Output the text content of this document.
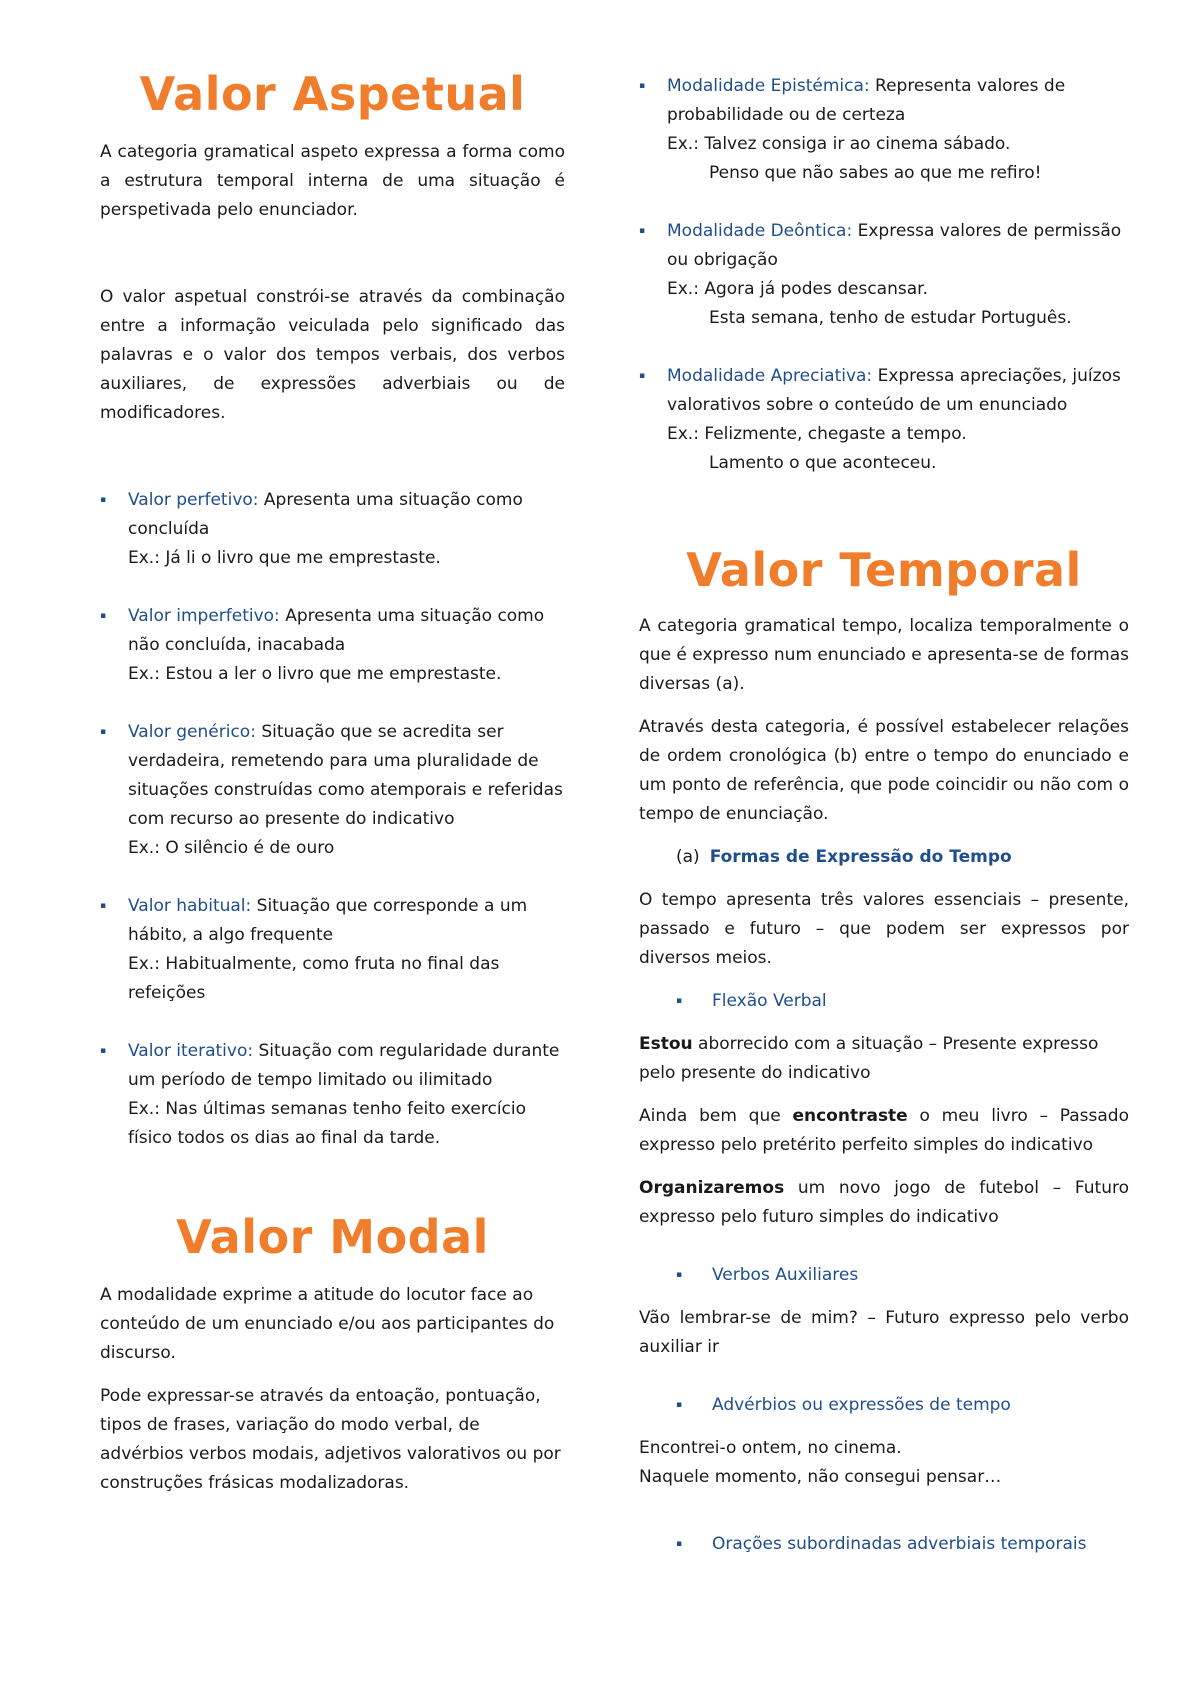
Valor Aspetual

A categoria gramatical aspeto expressa a forma como a estrutura temporal interna de uma situação é perspetivada pelo enunciador.

O valor aspetual constrói-se através da combinação entre a informação veiculada pelo significado das palavras e o valor dos tempos verbais, dos verbos auxiliares, de expressões adverbiais ou de modificadores.

▪ Valor perfetivo: Apresenta uma situação como concluída
Ex.: Já li o livro que me emprestaste.
▪ Valor imperfetivo: Apresenta uma situação como não concluída, inacabada
Ex.: Estou a ler o livro que me emprestaste.
▪ Valor genérico: Situação que se acredita ser verdadeira, remetendo para uma pluralidade de situações construídas como atemporais e referidas com recurso ao presente do indicativo
Ex.: O silêncio é de ouro
▪ Valor habitual: Situação que corresponde a um hábito, a algo frequente
Ex.: Habitualmente, como fruta no final das refeições
▪ Valor iterativo: Situação com regularidade durante um período de tempo limitado ou ilimitado
Ex.: Nas últimas semanas tenho feito exercício físico todos os dias ao final da tarde.
Valor Modal

A modalidade exprime a atitude do locutor face ao conteúdo de um enunciado e/ou aos participantes do discurso.

Pode expressar-se através da entoação, pontuação, tipos de frases, variação do modo verbal, de advérbios verbos modais, adjetivos valorativos ou por construções frásicas modalizadoras.

▪ Modalidade Epistémica: Representa valores de probabilidade ou de certeza
Ex.: Talvez consiga ir ao cinema sábado.
Penso que não sabes ao que me refiro!
▪ Modalidade Deôntica: Expressa valores de permissão ou obrigação
Ex.: Agora já podes descansar.
Esta semana, tenho de estudar Português.
▪ Modalidade Apreciativa: Expressa apreciações, juízos valorativos sobre o conteúdo de um enunciado
Ex.: Felizmente, chegaste a tempo.
Lamento o que aconteceu.
Valor Temporal

A categoria gramatical tempo, localiza temporalmente o que é expresso num enunciado e apresenta-se de formas diversas (a).

Através desta categoria, é possível estabelecer relações de ordem cronológica (b) entre o tempo do enunciado e um ponto de referência, que pode coincidir ou não com o tempo de enunciação.

(a) Formas de Expressão do Tempo

O tempo apresenta três valores essenciais – presente, passado e futuro – que podem ser expressos por diversos meios.

▪ Flexão Verbal

Estou aborrecido com a situação – Presente expresso pelo presente do indicativo

Ainda bem que encontraste o meu livro – Passado expresso pelo pretérito perfeito simples do indicativo

Organizaremos um novo jogo de futebol – Futuro expresso pelo futuro simples do indicativo

▪ Verbos Auxiliares

Vão lembrar-se de mim? – Futuro expresso pelo verbo auxiliar ir

▪ Advérbios ou expressões de tempo

Encontrei-o ontem, no cinema.
Naquele momento, não consegui pensar…

▪ Orações subordinadas adverbiais temporais
